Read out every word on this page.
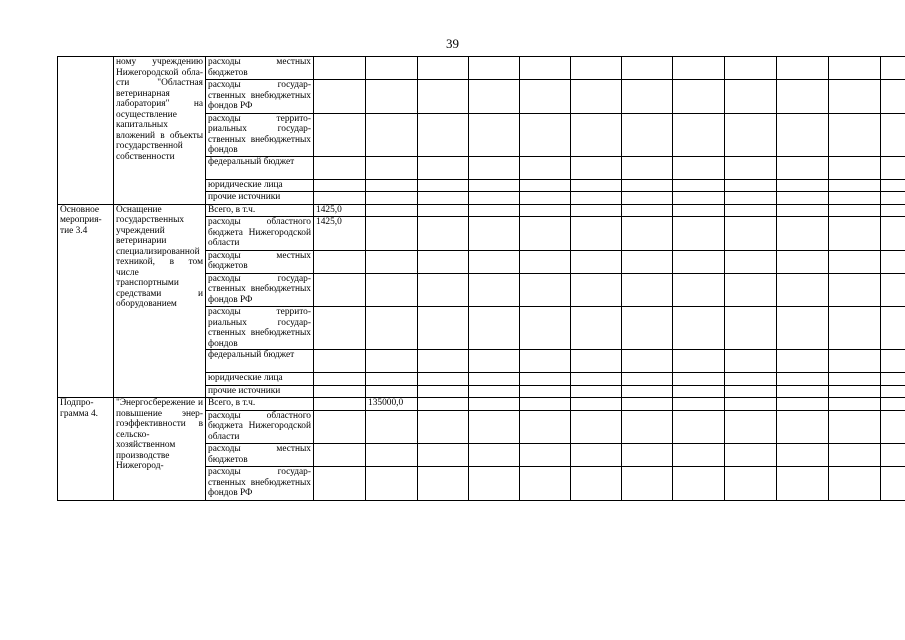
39
	ному учреждению Нижегородской области "Областная ветеринарная лаборатория" на осуществление капитальных вложений в объекты государственной собственности	расходы местных бюджетов												
		расходы государственных внебюджетных фондов РФ												
		расходы территориальных государственных внебюджетных фондов												
		федеральный бюджет												
		юридические лица												
		прочие источники												
Основное мероприятие 3.4	Оснащение государственных учреждений ветеринарии специализированной техникой, в том числе транспортными средствами и оборудованием	Всего, в т.ч.	1425,0											
		расходы областного бюджета Нижегородской области	1425,0											
		расходы местных бюджетов												
		расходы государственных внебюджетных фондов РФ												
		расходы территориальных государственных внебюджетных фондов												
		федеральный бюджет												
		юридические лица												
		прочие источники												
Подпрограмма 4.	"Энергосбережение и повышение энергоэффективности в сельскохозяйственном производстве Нижегород-	Всего, в т.ч.		135000,0										
		расходы областного бюджета Нижегородской области												
		расходы местных бюджетов												
		расходы государственных внебюджетных фондов РФ												
